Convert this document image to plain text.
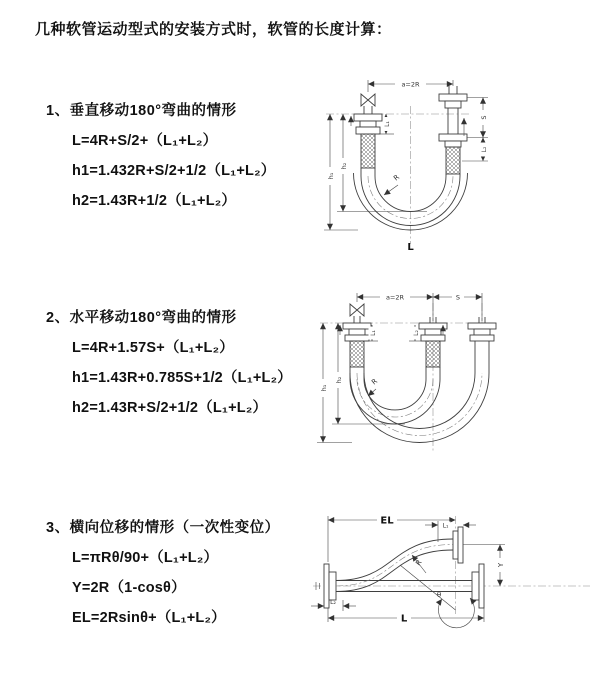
几种软管运动型式的安装方式时，软管的长度计算：
1、垂直移动180°弯曲的情形
L=4R+S/2+（L₁+L₂）
h1=1.432R+S/2+1/2（L₁+L₂）
h2=1.43R+1/2（L₁+L₂）
2、水平移动180°弯曲的情形
L=4R+1.57S+（L₁+L₂）
h1=1.43R+0.785S+1/2（L₁+L₂）
h2=1.43R+S/2+1/2（L₁+L₂）
3、横向位移的情形（一次性变位）
L=πRθ/90+（L₁+L₂）
Y=2R（1-cosθ）
EL=2Rsinθ+（L₁+L₂）
a=2R
h₁
h₂
L₁
S
L₂
R
L
a=2R	S
h₁
h₂
L₁	L₂
R
EL	L₁
Y
R
θ
L
L₂
